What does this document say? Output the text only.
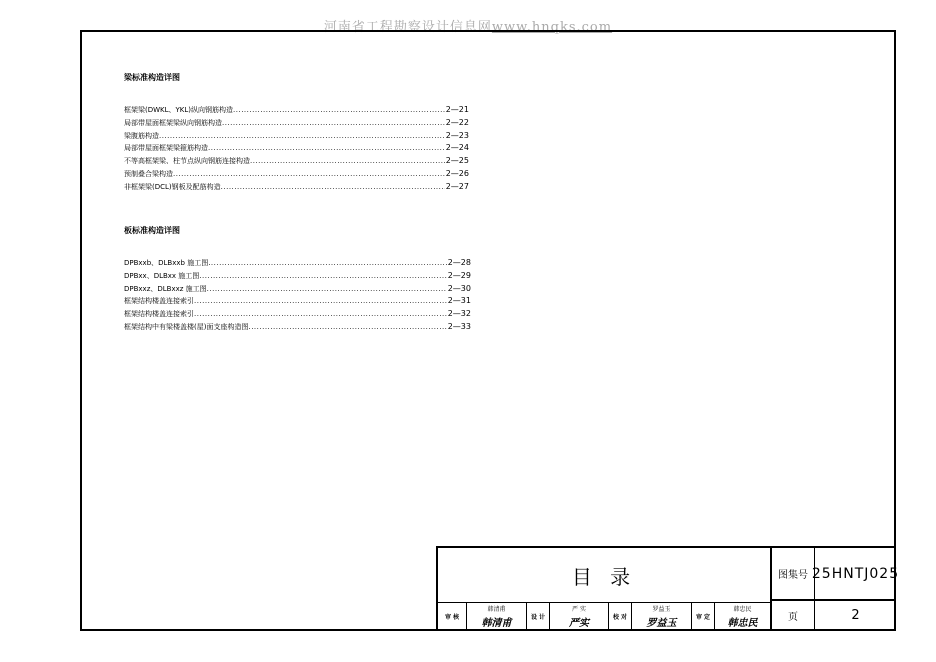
河南省工程勘察设计信息网www.hnqks.com
梁标准构造详图
框架梁(DWKL、YKL)纵向钢筋构造 .....	2—21
局部带屋面框架梁纵向钢筋构造 .....	2—22
梁腹筋构造 .....	2—23
局部带屋面框架梁箍筋构造 .....	2—24
不等高框架梁、柱节点纵向钢筋连接构造 .....	2—25
预制叠合梁构造 .....	2—26
非框架梁(DCL)钢板及配筋构造 .....	2—27
板标准构造详图
DPBxxb、DLBxxb 施工图 .....	2—28
DPBxx、DLBxx 施工图 .....	2—29
DPBxxz、DLBxxz 施工图 .....	2—30
框架结构楼盖连接索引 .....	2—31
框架结构楼盖连接索引 .....	2—32
框架结构中有梁楼盖楼(屋)面支座构造图 .....	2—33
目 录	图集号 25HNTJ025
页	2
审 核	设 计	校 对	审 定
韩清甫	严 实	罗益玉	韩忠民
韩清甫	严实	罗益玉	韩忠民
